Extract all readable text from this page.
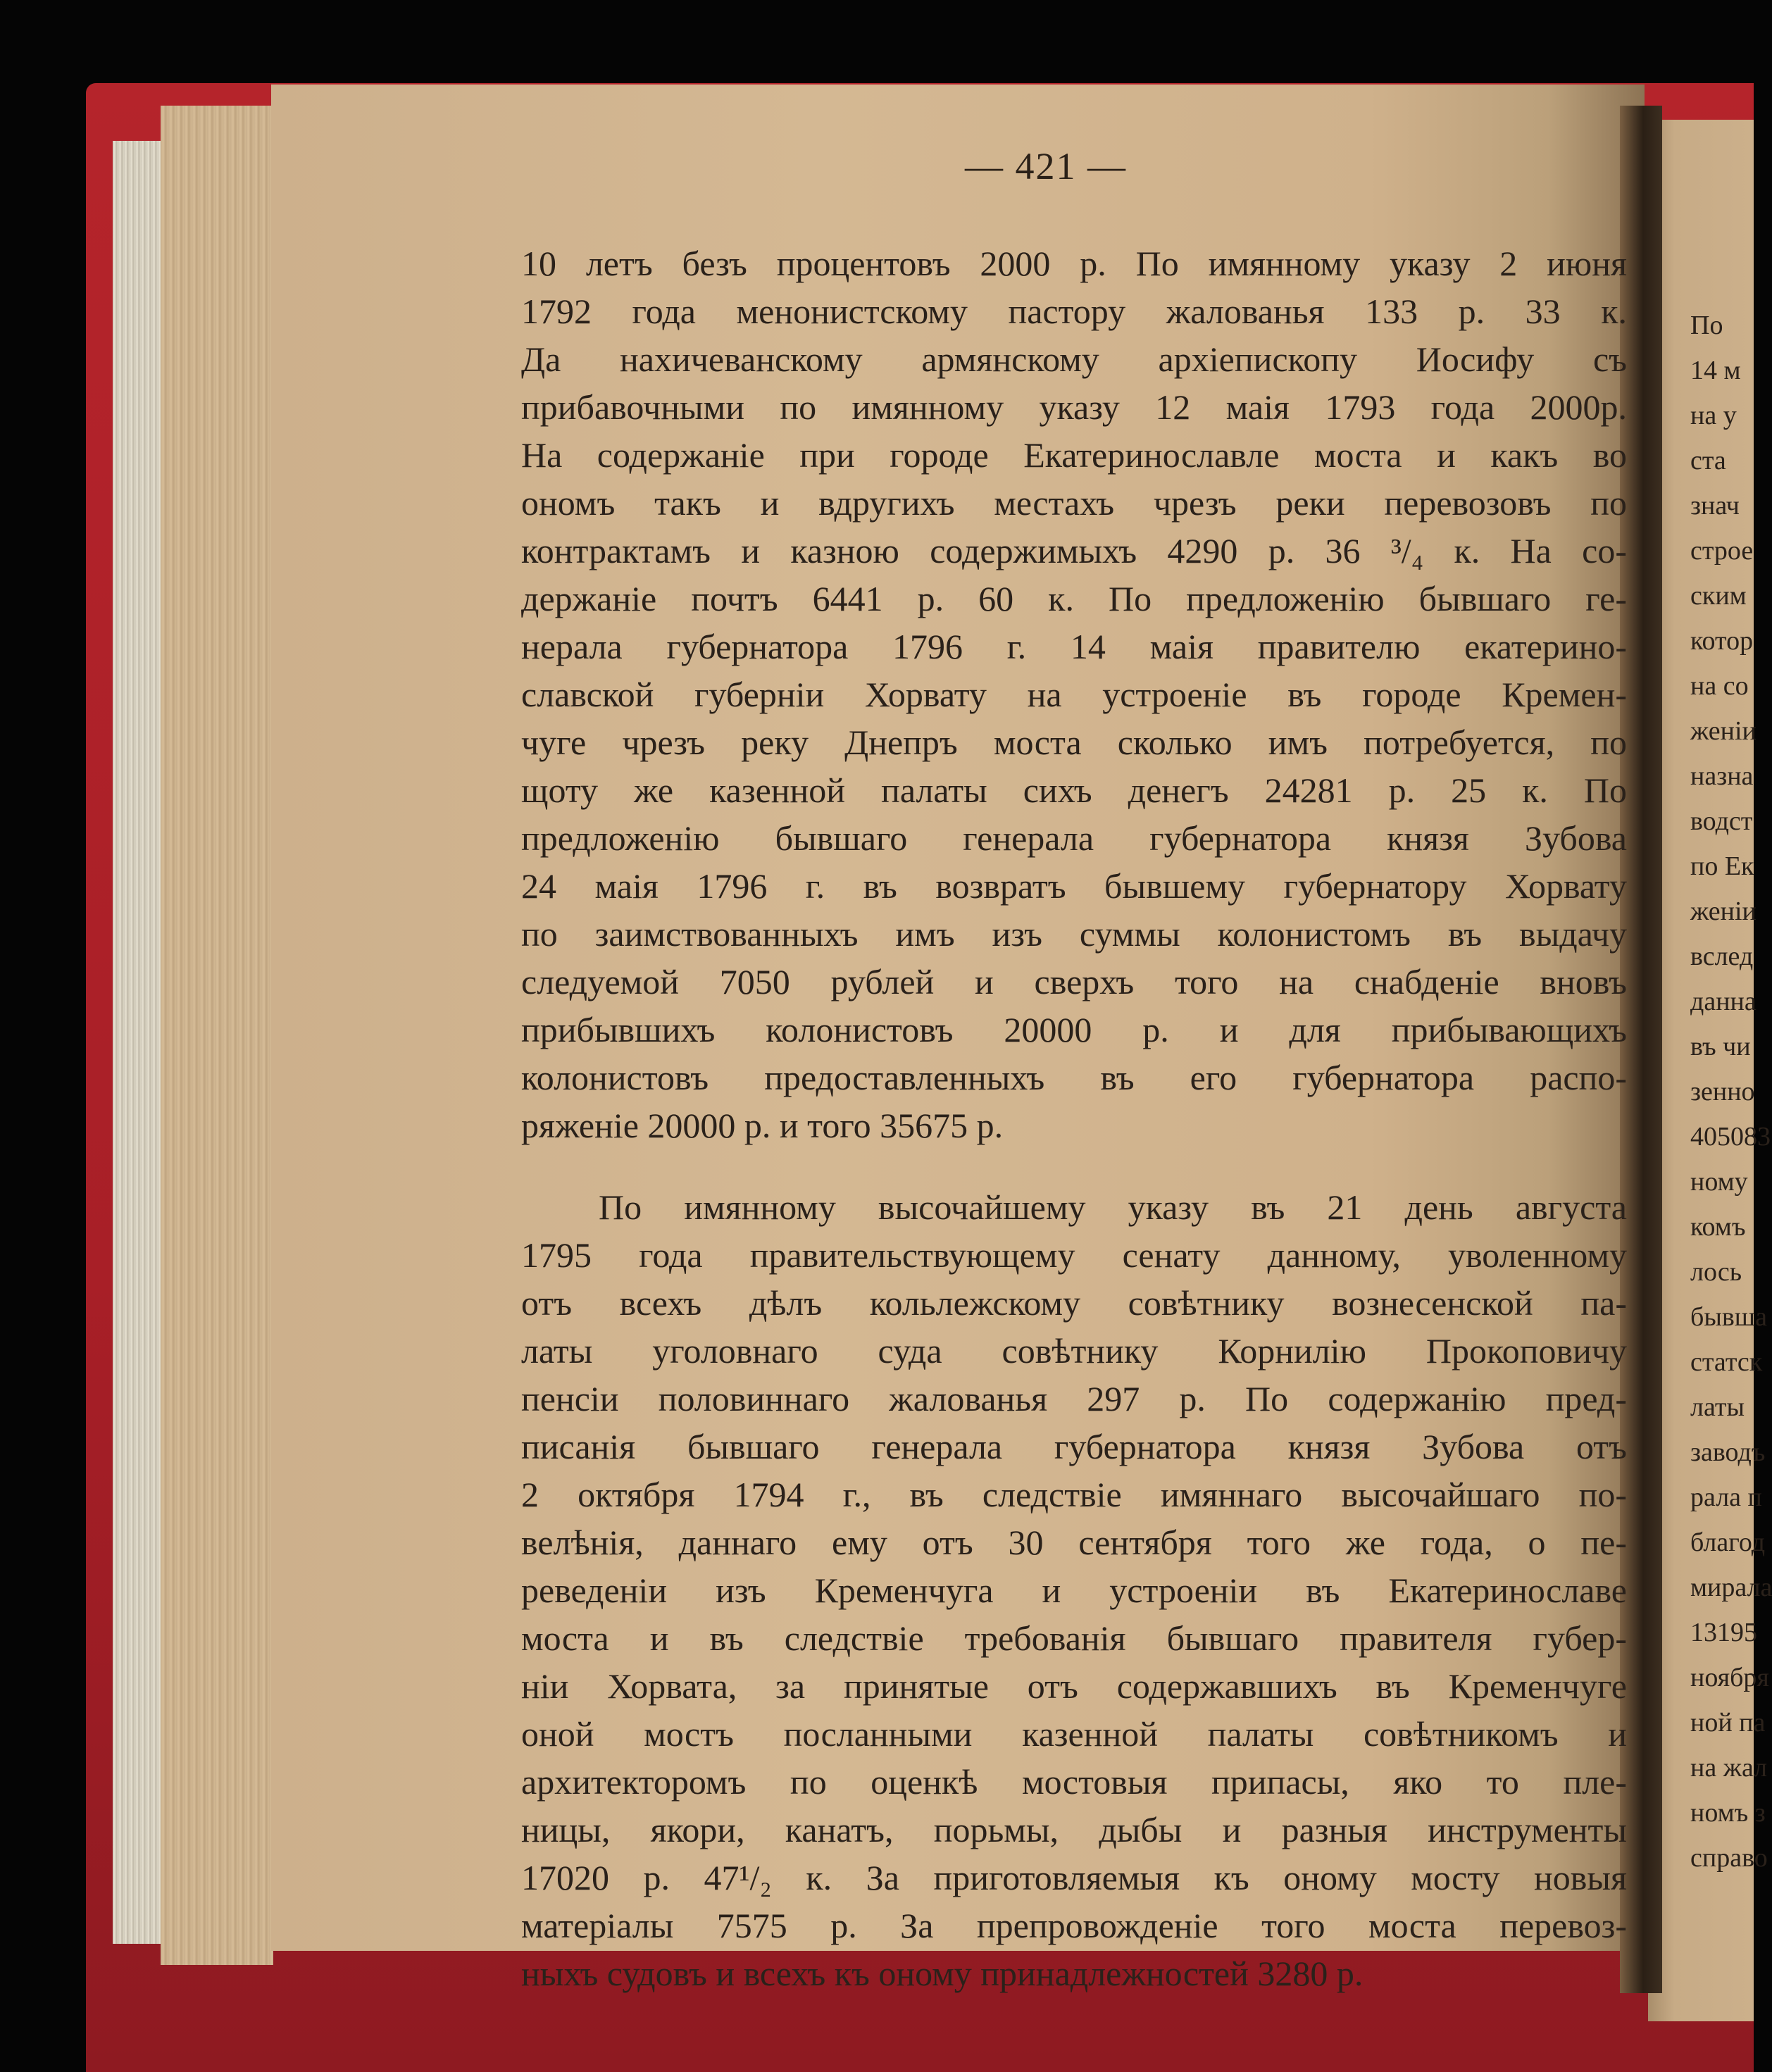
— 421 —
10 летъ безъ процентовъ 2000 р. По имянному указу 2 июня
1792 года менонистскому пастору жалованья 133 р. 33 к.
Да нахичеванскому армянскому архіепископу Иосифу съ
прибавочными по имянному указу 12 маія 1793 года 2000р.
На содержаніе при городе Екатеринославле моста и какъ во
ономъ такъ и вдругихъ местахъ чрезъ реки перевозовъ по
контрактамъ и казною содержимыхъ 4290 р. 36 ³/₄ к. На со-
держаніе почтъ 6441 р. 60 к. По предложенію бывшаго ге-
нерала губернатора 1796 г. 14 маія правителю екатерино-
славской губерніи Хорвату на устроеніе въ городе Кремен-
чуге чрезъ реку Днепръ моста сколько имъ потребуется, по
щоту же казенной палаты сихъ денегъ 24281 р. 25 к. По
предложенію бывшаго генерала губернатора князя Зубова
24 маія 1796 г. въ возвратъ бывшему губернатору Хорвату
по заимствованныхъ имъ изъ суммы колонистомъ въ выдачу
следуемой 7050 рублей и сверхъ того на снабденіе вновъ
прибывшихъ колонистовъ 20000 р. и для прибывающихъ
колонистовъ предоставленныхъ въ его губернатора распо-
ряженіе 20000 р. и того 35675 р.
По имянному высочайшему указу въ 21 день августа
1795 года правительствующему сенату данному, уволенному
отъ всехъ дѣлъ кольлежскому совѣтнику вознесенской па-
латы уголовнаго суда совѣтнику Корнилію Прокоповичу
пенсіи половиннаго жалованья 297 р. По содержанію пред-
писанія бывшаго генерала губернатора князя Зубова отъ
2 октября 1794 г., въ следствіе имяннаго высочайшаго по-
велѣнія, даннаго ему отъ 30 сентября того же года, о пе-
реведеніи изъ Кременчуга и устроеніи въ Екатеринославе
моста и въ следствіе требованія бывшаго правителя губер-
ніи Хорвата, за принятые отъ содержавшихъ въ Кременчуге
оной мостъ посланными казенной палаты совѣтникомъ и
архитекторомъ по оценкѣ мостовыя припасы, яко то пле-
ницы, якори, канатъ, порьмы, дыбы и разныя инструменты
17020 р. 47¹/₂ к. За приготовляемыя къ оному мосту новыя
матеріалы 7575 р. За препровожденіе того моста перевоз-
ныхъ судовъ и всехъ къ оному принадлежностей 3280 р.
По
14 м
на у
ста
знач
строе
ским
котор
на со
женіи
назна
водст
по Ек
женіи
вслед
данна
въ чи
зенно
405083
ному
комъ
лось
бывша
статск
латы
заводъ
рала п
благод
мирала
13195
ноября
ной па
на жал
номъ з
справо
